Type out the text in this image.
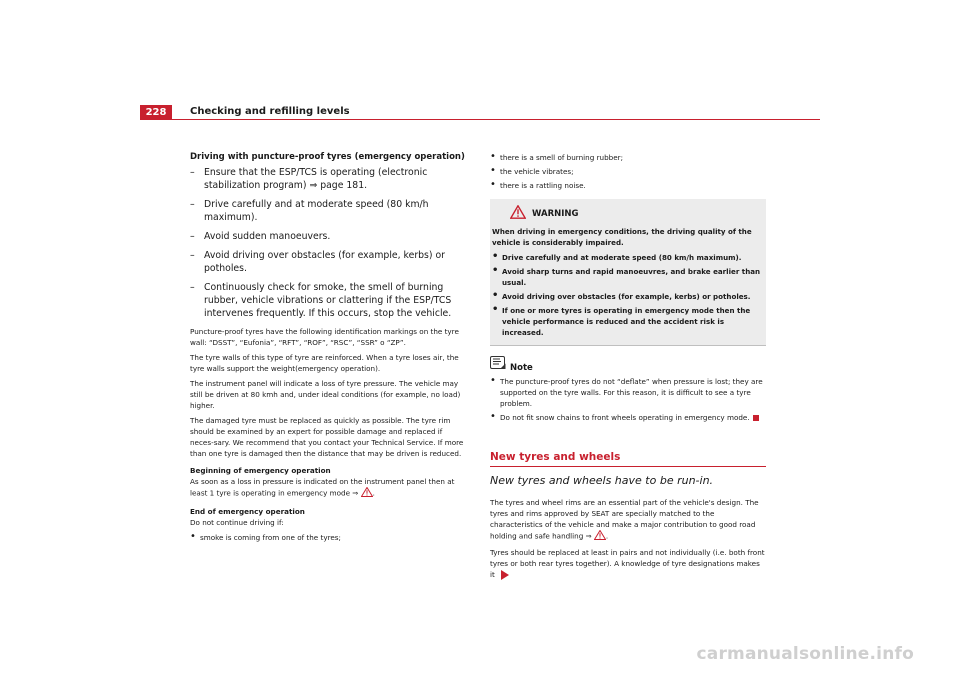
228	Checking and refilling levels

Driving with puncture-proof tyres (emergency operation)

– Ensure that the ESP/TCS is operating (electronic stabilization program) ⇒ page 181.
– Drive carefully and at moderate speed (80 km/h maximum).
– Avoid sudden manoeuvers.
– Avoid driving over obstacles (for example, kerbs) or potholes.
– Continuously check for smoke, the smell of burning rubber, vehicle vibrations or clattering if the ESP/TCS intervenes frequently. If this occurs, stop the vehicle.

Puncture-proof tyres have the following identification markings on the tyre wall: “DSST”, “Eufonia”, “RFT”, “ROF”, “RSC”, “SSR” o “ZP”.

The tyre walls of this type of tyre are reinforced. When a tyre loses air, the tyre walls support the weight(emergency operation).

The instrument panel will indicate a loss of tyre pressure. The vehicle may still be driven at 80 kmh and, under ideal conditions (for example, no load) higher.

The damaged tyre must be replaced as quickly as possible. The tyre rim should be examined by an expert for possible damage and replaced if neces-sary. We recommend that you contact your Technical Service. If more than one tyre is damaged then the distance that may be driven is reduced.

Beginning of emergency operation

As soon as a loss in pressure is indicated on the instrument panel then at least 1 tyre is operating in emergency mode ⇒ .

End of emergency operation

Do not continue driving if:

• smoke is coming from one of the tyres;
• there is a smell of burning rubber;
• the vehicle vibrates;
• there is a rattling noise.
WARNING

When driving in emergency conditions, the driving quality of the vehicle is considerably impaired.

• Drive carefully and at moderate speed (80 km/h maximum).
• Avoid sharp turns and rapid manoeuvres, and brake earlier than usual.
• Avoid driving over obstacles (for example, kerbs) or potholes.
• If one or more tyres is operating in emergency mode then the vehicle performance is reduced and the accident risk is increased.
Note
• The puncture-proof tyres do not “deflate” when pressure is lost; they are supported on the tyre walls. For this reason, it is difficult to see a tyre problem.
• Do not fit snow chains to front wheels operating in emergency mode.
New tyres and wheels
New tyres and wheels have to be run-in.

The tyres and wheel rims are an essential part of the vehicle's design. The tyres and rims approved by SEAT are specially matched to the characteristics of the vehicle and make a major contribution to good road holding and safe handling ⇒ .

Tyres should be replaced at least in pairs and not individually (i.e. both front tyres or both rear tyres together). A knowledge of tyre designations makes it

carmanualsonline.info
